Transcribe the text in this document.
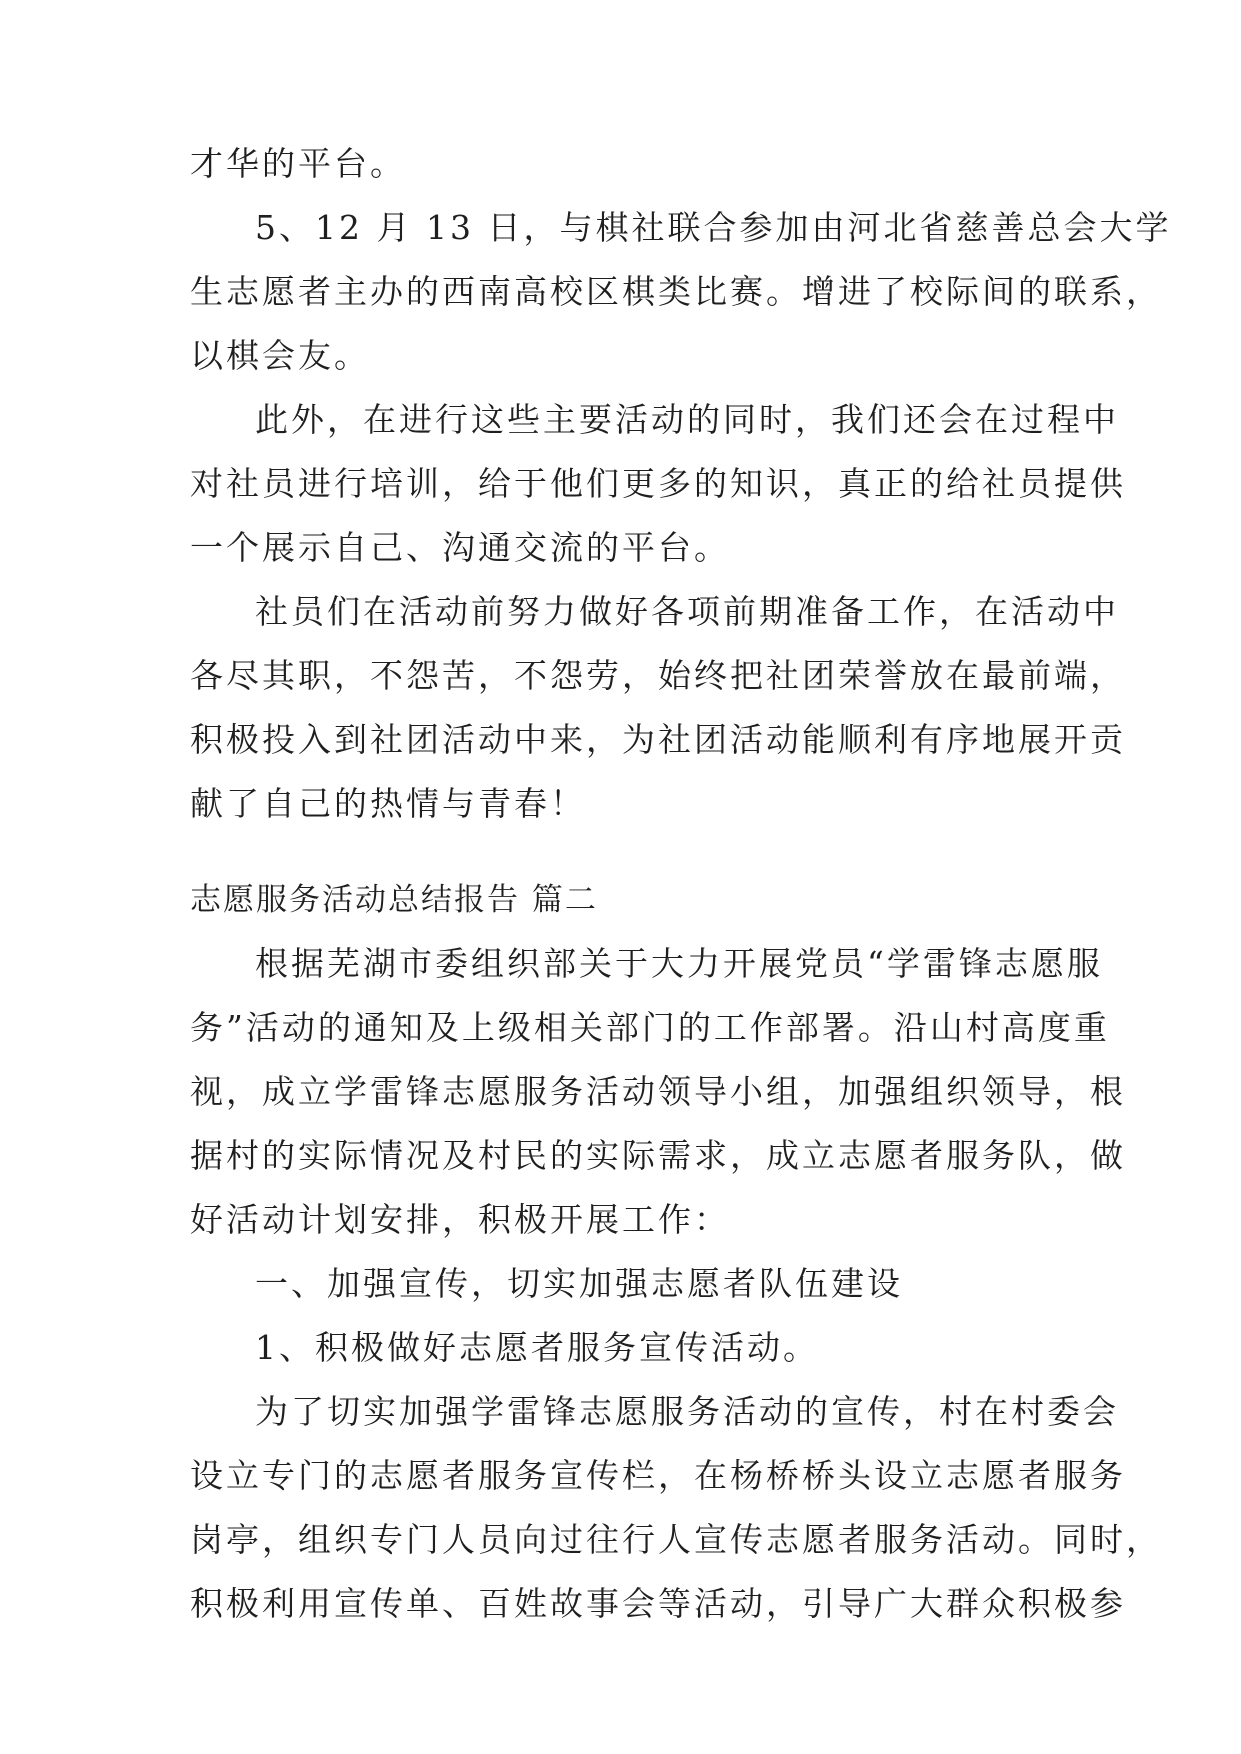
才华的平台。
5、12 月 13 日，与棋社联合参加由河北省慈善总会大学
生志愿者主办的西南高校区棋类比赛。增进了校际间的联系，
以棋会友。
此外，在进行这些主要活动的同时，我们还会在过程中
对社员进行培训，给于他们更多的知识，真正的给社员提供
一个展示自己、沟通交流的平台。
社员们在活动前努力做好各项前期准备工作，在活动中
各尽其职，不怨苦，不怨劳，始终把社团荣誉放在最前端，
积极投入到社团活动中来，为社团活动能顺利有序地展开贡
献了自己的热情与青春！
志愿服务活动总结报告 篇二
根据芜湖市委组织部关于大力开展党员“学雷锋志愿服
务”活动的通知及上级相关部门的工作部署。沿山村高度重
视，成立学雷锋志愿服务活动领导小组，加强组织领导，根
据村的实际情况及村民的实际需求，成立志愿者服务队，做
好活动计划安排，积极开展工作：
一、加强宣传，切实加强志愿者队伍建设
1、积极做好志愿者服务宣传活动。
为了切实加强学雷锋志愿服务活动的宣传，村在村委会
设立专门的志愿者服务宣传栏，在杨桥桥头设立志愿者服务
岗亭，组织专门人员向过往行人宣传志愿者服务活动。同时，
积极利用宣传单、百姓故事会等活动，引导广大群众积极参
